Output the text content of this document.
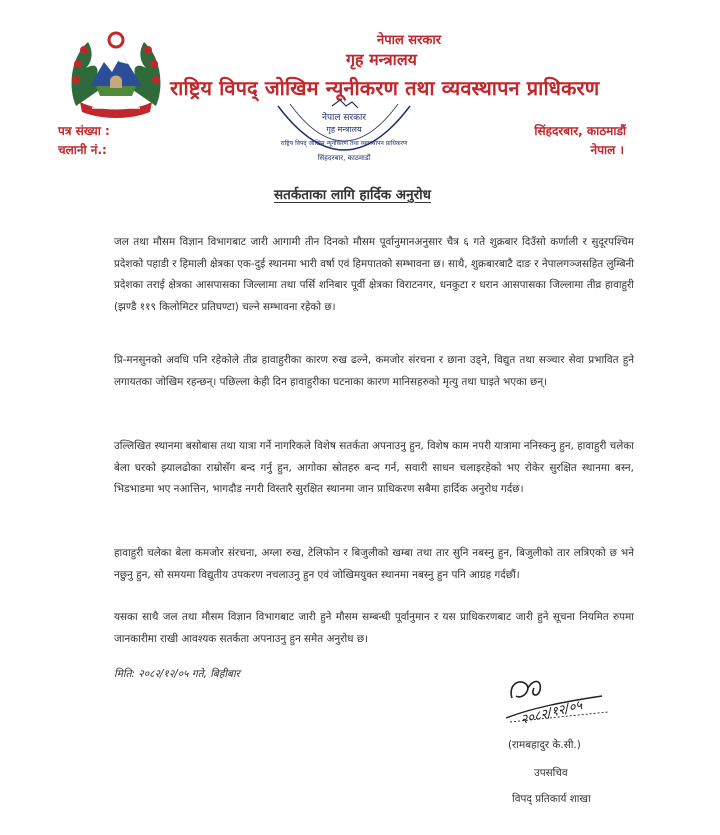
नेपाल सरकार
गृह मन्त्रालय
राष्ट्रिय विपद् जोखिम न्यूनीकरण तथा व्यवस्थापन प्राधिकरण
पत्र संख्या :
चलानी नं.:
सिंहदरबार, काठमाडौं
नेपाल ।
नेपाल सरकार
गृह मन्त्रालय
राष्ट्रिय विपद् जोखिम न्यूनीकरण तथा व्यवस्थापन प्राधिकरण
सिंहदरबार, काठमाडौं
सतर्कताका लागि हार्दिक अनुरोध
जल तथा मौसम विज्ञान विभागबाट जारी आगामी तीन दिनको मौसम पूर्वानुमानअनुसार चैत्र ६ गते शुक्रबार दिउँसो कर्णाली र सुदूरपश्चिम प्रदेशको पहाडी र हिमाली क्षेत्रका एक-दुई स्थानमा भारी वर्षा एवं हिमपातको सम्भावना छ। साथै, शुक्रबारबाटै दाङ र नेपालगञ्जसहित लुम्बिनी प्रदेशका तराई क्षेत्रका आसपासका जिल्लामा तथा पर्सि शनिबार पूर्वी क्षेत्रका विराटनगर, धनकुटा र धरान आसपासका जिल्लामा तीव्र हावाहुरी (झण्डै ११९ किलोमिटर प्रतिघण्टा) चल्ने सम्भावना रहेको छ।
प्रि-मनसुनको अवधि पनि रहेकोले तीव्र हावाहुरीका कारण रुख ढल्ने, कमजोर संरचना र छाना उड्ने, विद्युत तथा सञ्चार सेवा प्रभावित हुने लगायतका जोखिम रहन्छन्। पछिल्ला केही दिन हावाहुरीका घटनाका कारण मानिसहरुको मृत्यु तथा घाइते भएका छन्।
उल्लिखित स्थानमा बसोबास तथा यात्रा गर्ने नागरिकले विशेष सतर्कता अपनाउनु हुन, विशेष काम नपरी यात्रामा ननिस्कनु हुन, हावाहुरी चलेका बेला घरको झ्यालढोका राम्रोसँग बन्द गर्नु हुन, आगोका स्रोतहरु बन्द गर्न, सवारी साधन चलाइरहेको भए रोकेर सुरक्षित स्थानमा बस्न, भिडभाडमा भए नआत्तिन, भागदौड नगरी विस्तारै सुरक्षित स्थानमा जान प्राधिकरण सबैमा हार्दिक अनुरोध गर्दछ।
हावाहुरी चलेका बेला कमजोर संरचना, अग्ला रुख, टेलिफोन र बिजुलीको खम्बा तथा तार सुनि नबस्नु हुन, बिजुलीको तार लत्रिएको छ भने नछुनु हुन, सो समयमा विद्युतीय उपकरण नचलाउनु हुन एवं जोखिमयुक्त स्थानमा नबस्नु हुन पनि आग्रह गर्दछौं।
यसका साथै जल तथा मौसम विज्ञान विभागबाट जारी हुने मौसम सम्बन्धी पूर्वानुमान र यस प्राधिकरणबाट जारी हुने सूचना नियमित रुपमा जानकारीमा राखी आवश्यक सतर्कता अपनाउनु हुन समेत अनुरोध छ।
मिति: २०८२/१२/०५ गते, बिहीबार
२०८२/१२/०५
(रामबहादुर के.सी.)
उपसचिव
विपद् प्रतिकार्य शाखा
